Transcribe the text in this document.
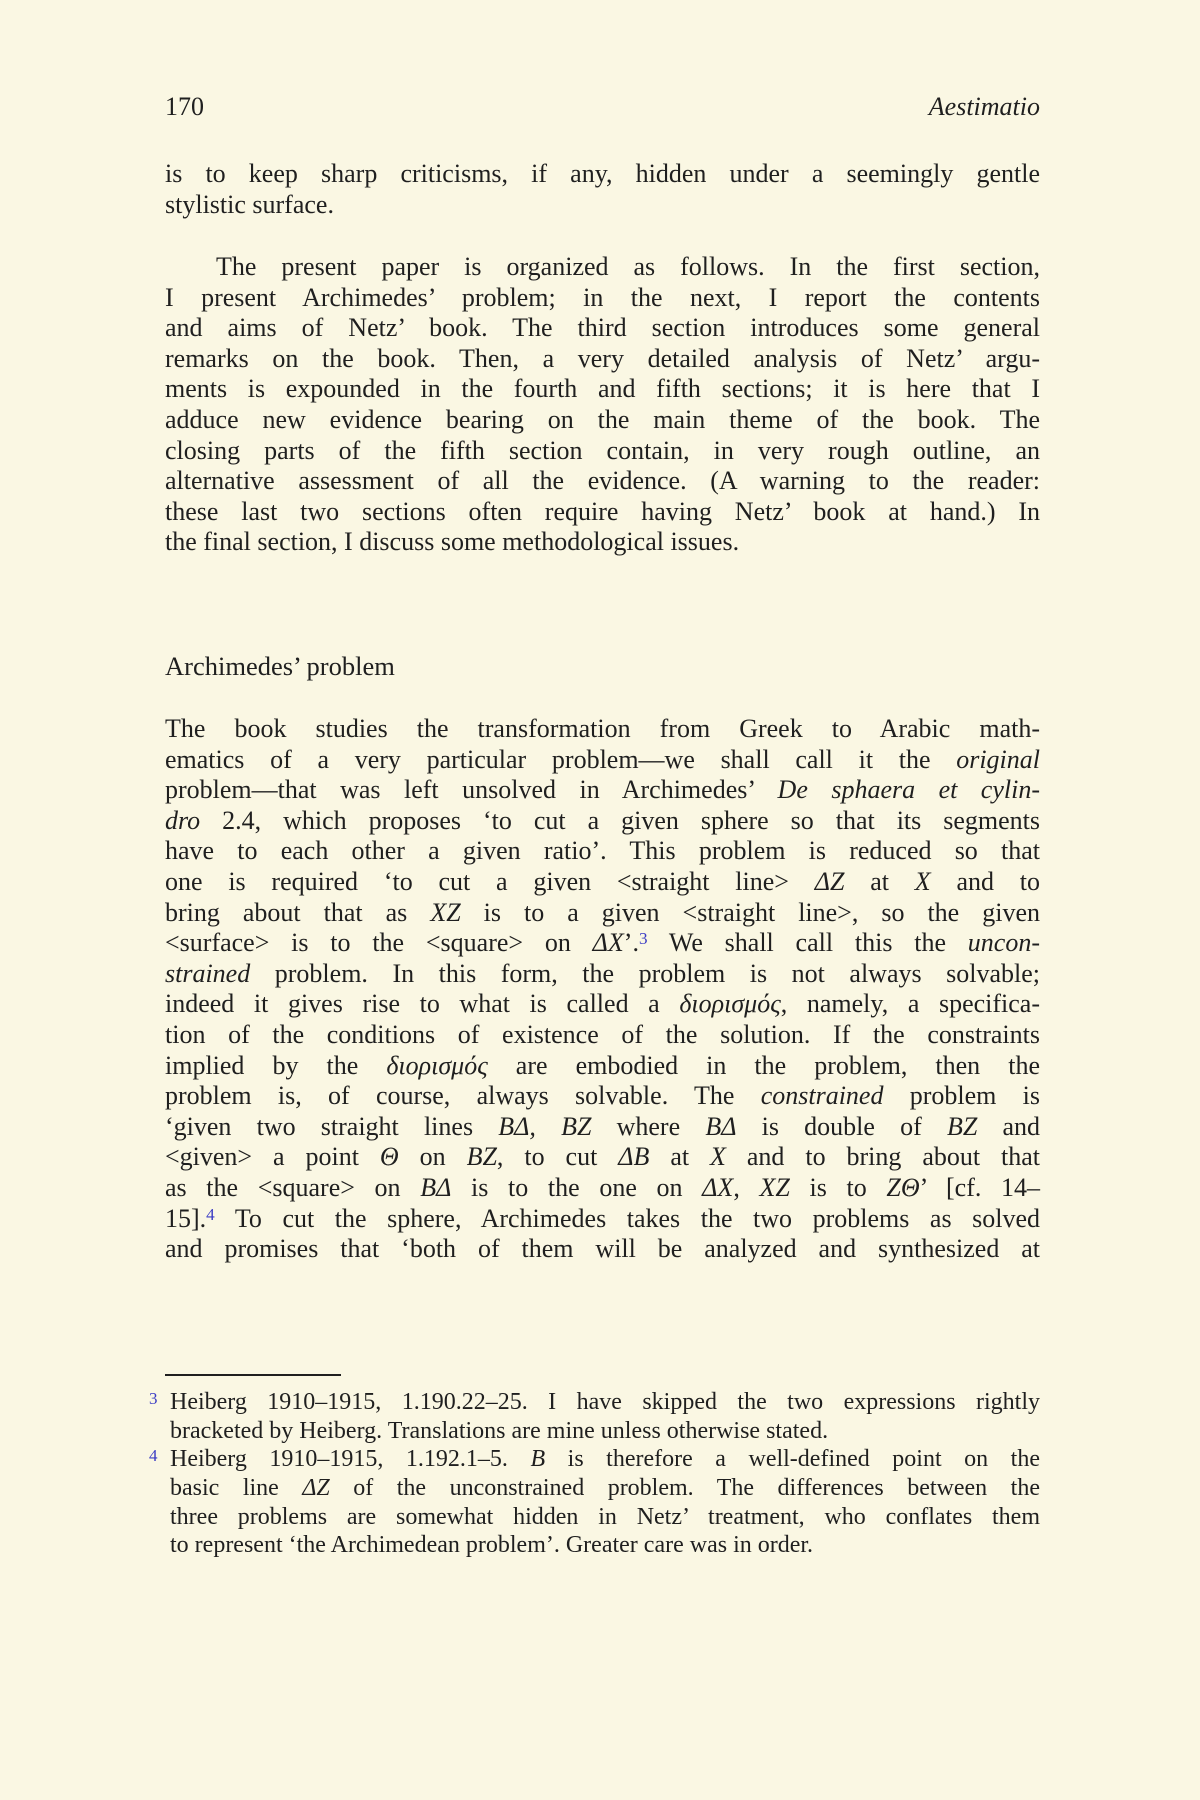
170	Aestimatio
is to keep sharp criticisms, if any, hidden under a seemingly gentle
stylistic surface.
The present paper is organized as follows. In the first section,
I present Archimedes’ problem; in the next, I report the contents
and aims of Netz’ book. The third section introduces some general
remarks on the book. Then, a very detailed analysis of Netz’ argu-
ments is expounded in the fourth and fifth sections; it is here that I
adduce new evidence bearing on the main theme of the book. The
closing parts of the fifth section contain, in very rough outline, an
alternative assessment of all the evidence. (A warning to the reader:
these last two sections often require having Netz’ book at hand.) In
the final section, I discuss some methodological issues.
Archimedes’ problem
The book studies the transformation from Greek to Arabic math-
ematics of a very particular problem—we shall call it the original
problem—that was left unsolved in Archimedes’ De sphaera et cylin-
dro 2.4, which proposes ‘to cut a given sphere so that its segments
have to each other a given ratio’. This problem is reduced so that
one is required ‘to cut a given <straight line> ΔZ at X and to
bring about that as XZ is to a given <straight line>, so the given
<surface> is to the <square> on ΔX’.$^3$ We shall call this the uncon-
strained problem. In this form, the problem is not always solvable;
indeed it gives rise to what is called a διορισμός, namely, a specifica-
tion of the conditions of existence of the solution. If the constraints
implied by the διορισμός are embodied in the problem, then the
problem is, of course, always solvable. The constrained problem is
‘given two straight lines BΔ, BZ where BΔ is double of BZ and
<given> a point Θ on BZ, to cut ΔB at X and to bring about that
as the <square> on BΔ is to the one on ΔX, XZ is to ZΘ’ [cf. 14–
15].$^4$ To cut the sphere, Archimedes takes the two problems as solved
and promises that ‘both of them will be analyzed and synthesized at
3 Heiberg 1910–1915, 1.190.22–25. I have skipped the two expressions rightly
bracketed by Heiberg. Translations are mine unless otherwise stated.
4 Heiberg 1910–1915, 1.192.1–5. B is therefore a well-defined point on the
basic line ΔZ of the unconstrained problem. The differences between the
three problems are somewhat hidden in Netz’ treatment, who conflates them
to represent ‘the Archimedean problem’. Greater care was in order.
